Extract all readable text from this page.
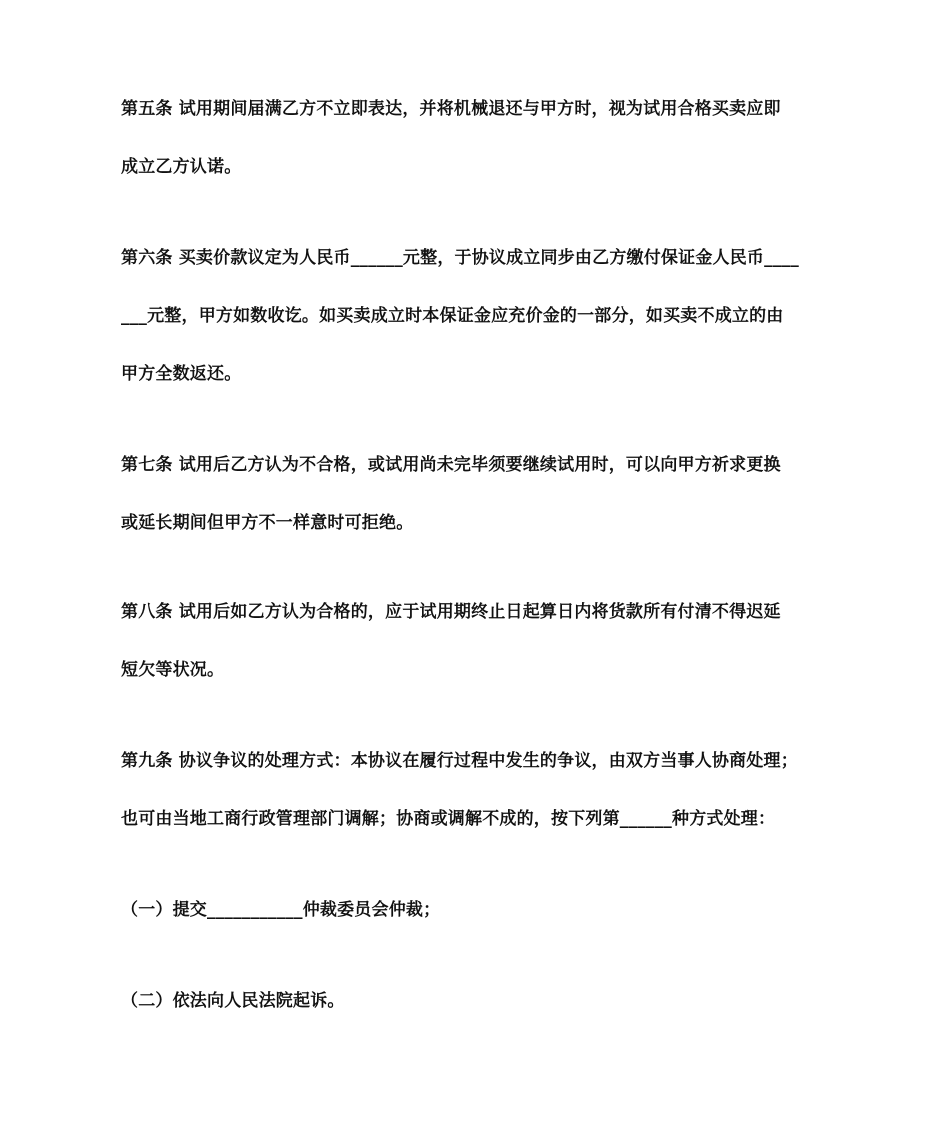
第五条 试用期间届满乙方不立即表达，并将机械退还与甲方时，视为试用合格买卖应即
成立乙方认诺。
第六条 买卖价款议定为人民币______元整，于协议成立同步由乙方缴付保证金人民币____
___元整，甲方如数收讫。如买卖成立时本保证金应充价金的一部分，如买卖不成立的由
甲方全数返还。
第七条 试用后乙方认为不合格，或试用尚未完毕须要继续试用时，可以向甲方祈求更换
或延长期间但甲方不一样意时可拒绝。
第八条 试用后如乙方认为合格的，应于试用期终止日起算日内将货款所有付清不得迟延
短欠等状况。
第九条 协议争议的处理方式：本协议在履行过程中发生的争议，由双方当事人协商处理；
也可由当地工商行政管理部门调解；协商或调解不成的，按下列第______种方式处理：
（一）提交___________仲裁委员会仲裁；
（二）依法向人民法院起诉。
